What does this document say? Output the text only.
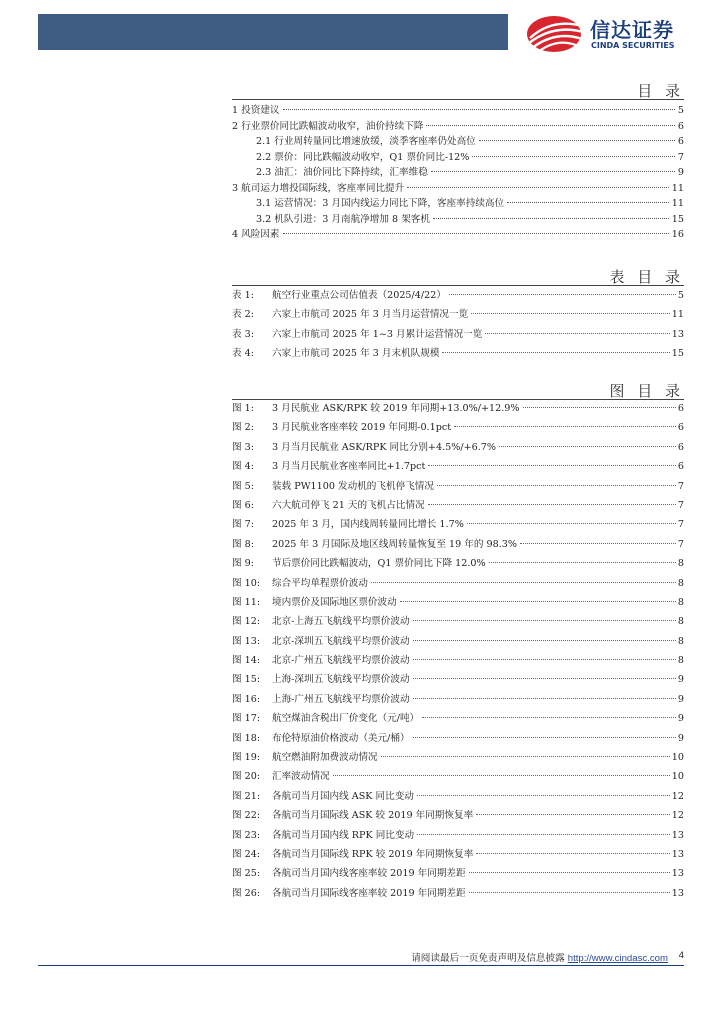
信达证券
CINDA SECURITIES
目 录
1 投资建议	5
2 行业票价同比跌幅波动收窄，油价持续下降	6
2.1 行业周转量同比增速放缓，淡季客座率仍处高位	6
2.2 票价：同比跌幅波动收窄，Q1 票价同比-12%	7
2.3 油汇：油价同比下降持续，汇率维稳	9
3 航司运力增投国际线，客座率同比提升	11
3.1 运营情况：3 月国内线运力同比下降，客座率持续高位	11
3.2 机队引进：3 月南航净增加 8 架客机	15
4 风险因素	16
表 目 录
表 1:	航空行业重点公司估值表（2025/4/22）	5
表 2:	六家上市航司 2025 年 3 月当月运营情况一览	11
表 3:	六家上市航司 2025 年 1~3 月累计运营情况一览	13
表 4:	六家上市航司 2025 年 3 月末机队规模	15
图 目 录
图 1:	3 月民航业 ASK/RPK 较 2019 年同期+13.0%/+12.9%	6
图 2:	3 月民航业客座率较 2019 年同期-0.1pct	6
图 3:	3 月当月民航业 ASK/RPK 同比分别+4.5%/+6.7%	6
图 4:	3 月当月民航业客座率同比+1.7pct	6
图 5:	装载 PW1100 发动机的飞机停飞情况	7
图 6:	六大航司停飞 21 天的飞机占比情况	7
图 7:	2025 年 3 月，国内线周转量同比增长 1.7%	7
图 8:	2025 年 3 月国际及地区线周转量恢复至 19 年的 98.3%	7
图 9:	节后票价同比跌幅波动，Q1 票价同比下降 12.0%	8
图 10:	综合平均单程票价波动	8
图 11:	境内票价及国际地区票价波动	8
图 12:	北京-上海五飞航线平均票价波动	8
图 13:	北京-深圳五飞航线平均票价波动	8
图 14:	北京-广州五飞航线平均票价波动	8
图 15:	上海-深圳五飞航线平均票价波动	9
图 16:	上海-广州五飞航线平均票价波动	9
图 17:	航空煤油含税出厂价变化（元/吨）	9
图 18:	布伦特原油价格波动（美元/桶）	9
图 19:	航空燃油附加费波动情况	10
图 20:	汇率波动情况	10
图 21:	各航司当月国内线 ASK 同比变动	12
图 22:	各航司当月国际线 ASK 较 2019 年同期恢复率	12
图 23:	各航司当月国内线 RPK 同比变动	13
图 24:	各航司当月国际线 RPK 较 2019 年同期恢复率	13
图 25:	各航司当月国内线客座率较 2019 年同期差距	13
图 26:	各航司当月国际线客座率较 2019 年同期差距	13
请阅读最后一页免责声明及信息披露 http://www.cindasc.com 4
